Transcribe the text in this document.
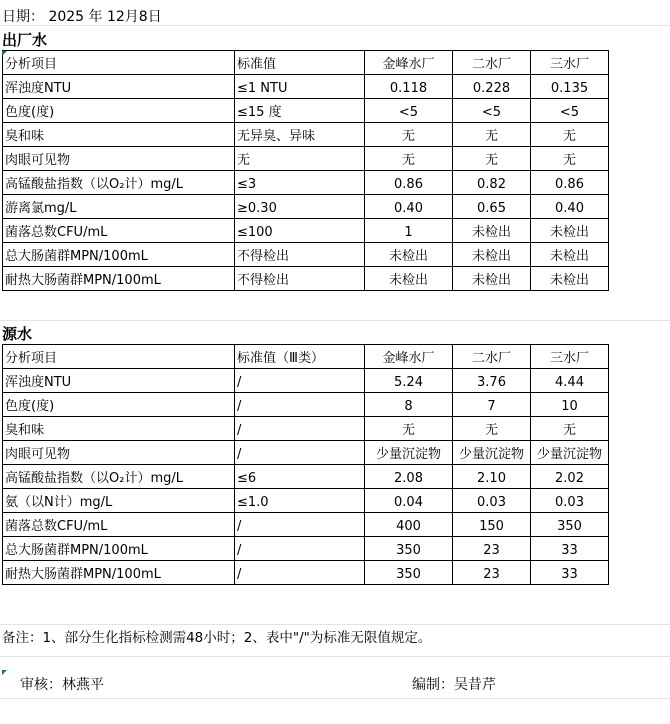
日期： 2025 年 12月8日
出厂水
分析项目	标准值	金峰水厂	二水厂	三水厂
浑浊度NTU	≤1 NTU	0.118	0.228	0.135
色度(度)	≤15 度	<5	<5	<5
臭和味	无异臭、异味	无	无	无
肉眼可见物	无	无	无	无
高锰酸盐指数（以O₂计）mg/L	≤3	0.86	0.82	0.86
游离氯mg/L	≥0.30	0.40	0.65	0.40
菌落总数CFU/mL	≤100	1	未检出	未检出
总大肠菌群MPN/100mL	不得检出	未检出	未检出	未检出
耐热大肠菌群MPN/100mL	不得检出	未检出	未检出	未检出
源水
分析项目	标准值（Ⅲ类）	金峰水厂	二水厂	三水厂
浑浊度NTU	/	5.24	3.76	4.44
色度(度)	/	8	7	10
臭和味	/	无	无	无
肉眼可见物	/	少量沉淀物	少量沉淀物	少量沉淀物
高锰酸盐指数（以O₂计）mg/L	≤6	2.08	2.10	2.02
氨（以N计）mg/L	≤1.0	0.04	0.03	0.03
菌落总数CFU/mL	/	400	150	350
总大肠菌群MPN/100mL	/	350	23	33
耐热大肠菌群MPN/100mL	/	350	23	33
备注：1、部分生化指标检测需48小时；2、表中"/"为标准无限值规定。
审核：林燕平	编制：吴昔芹
